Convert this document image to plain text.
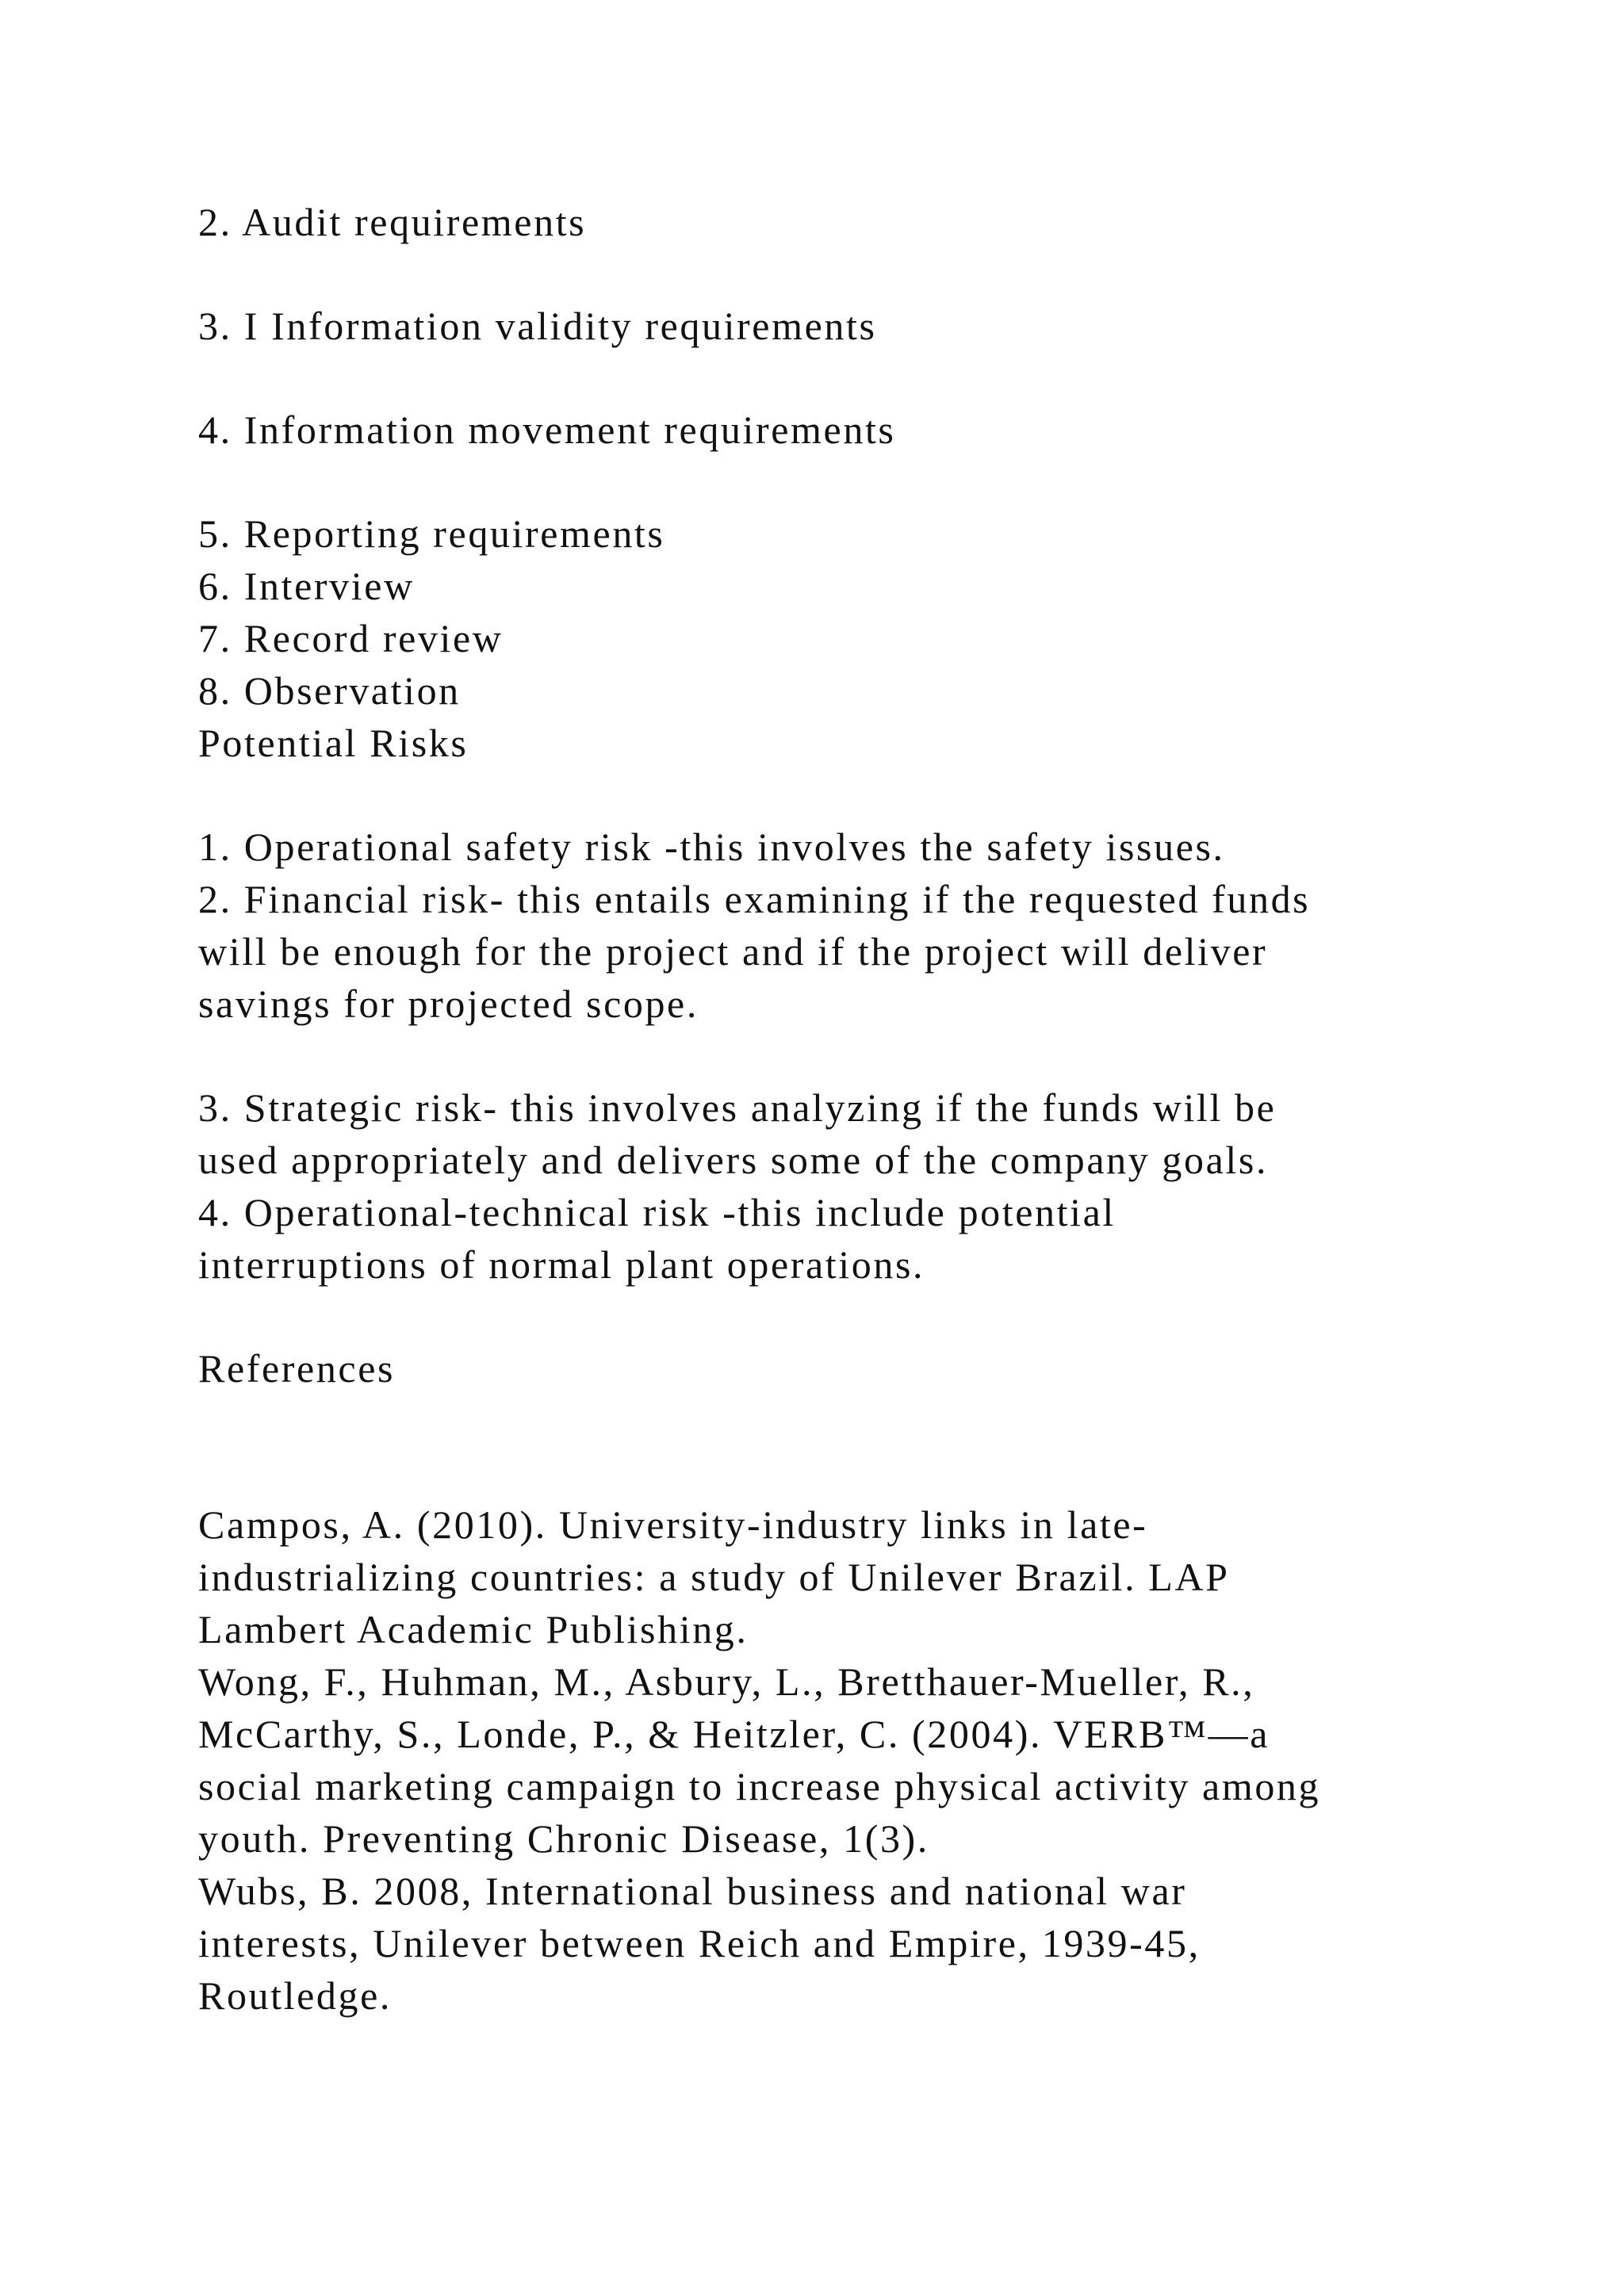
2. Audit requirements

3. I Information validity requirements

4. Information movement requirements

5. Reporting requirements

6. Interview

7. Record review

8. Observation

Potential Risks

1. Operational safety risk -this involves the safety issues.

2. Financial risk- this entails examining if the requested funds

will be enough for the project and if the project will deliver

savings for projected scope.

3. Strategic risk- this involves analyzing if the funds will be

used appropriately and delivers some of the company goals.

4. Operational-technical risk -this include potential

interruptions of normal plant operations.

References

Campos, A. (2010). University-industry links in late-

industrializing countries: a study of Unilever Brazil. LAP

Lambert Academic Publishing.

Wong, F., Huhman, M., Asbury, L., Bretthauer-Mueller, R.,

McCarthy, S., Londe, P., & Heitzler, C. (2004). VERB™—a

social marketing campaign to increase physical activity among

youth. Preventing Chronic Disease, 1(3).

Wubs, B. 2008, International business and national war

interests, Unilever between Reich and Empire, 1939-45,

Routledge.
